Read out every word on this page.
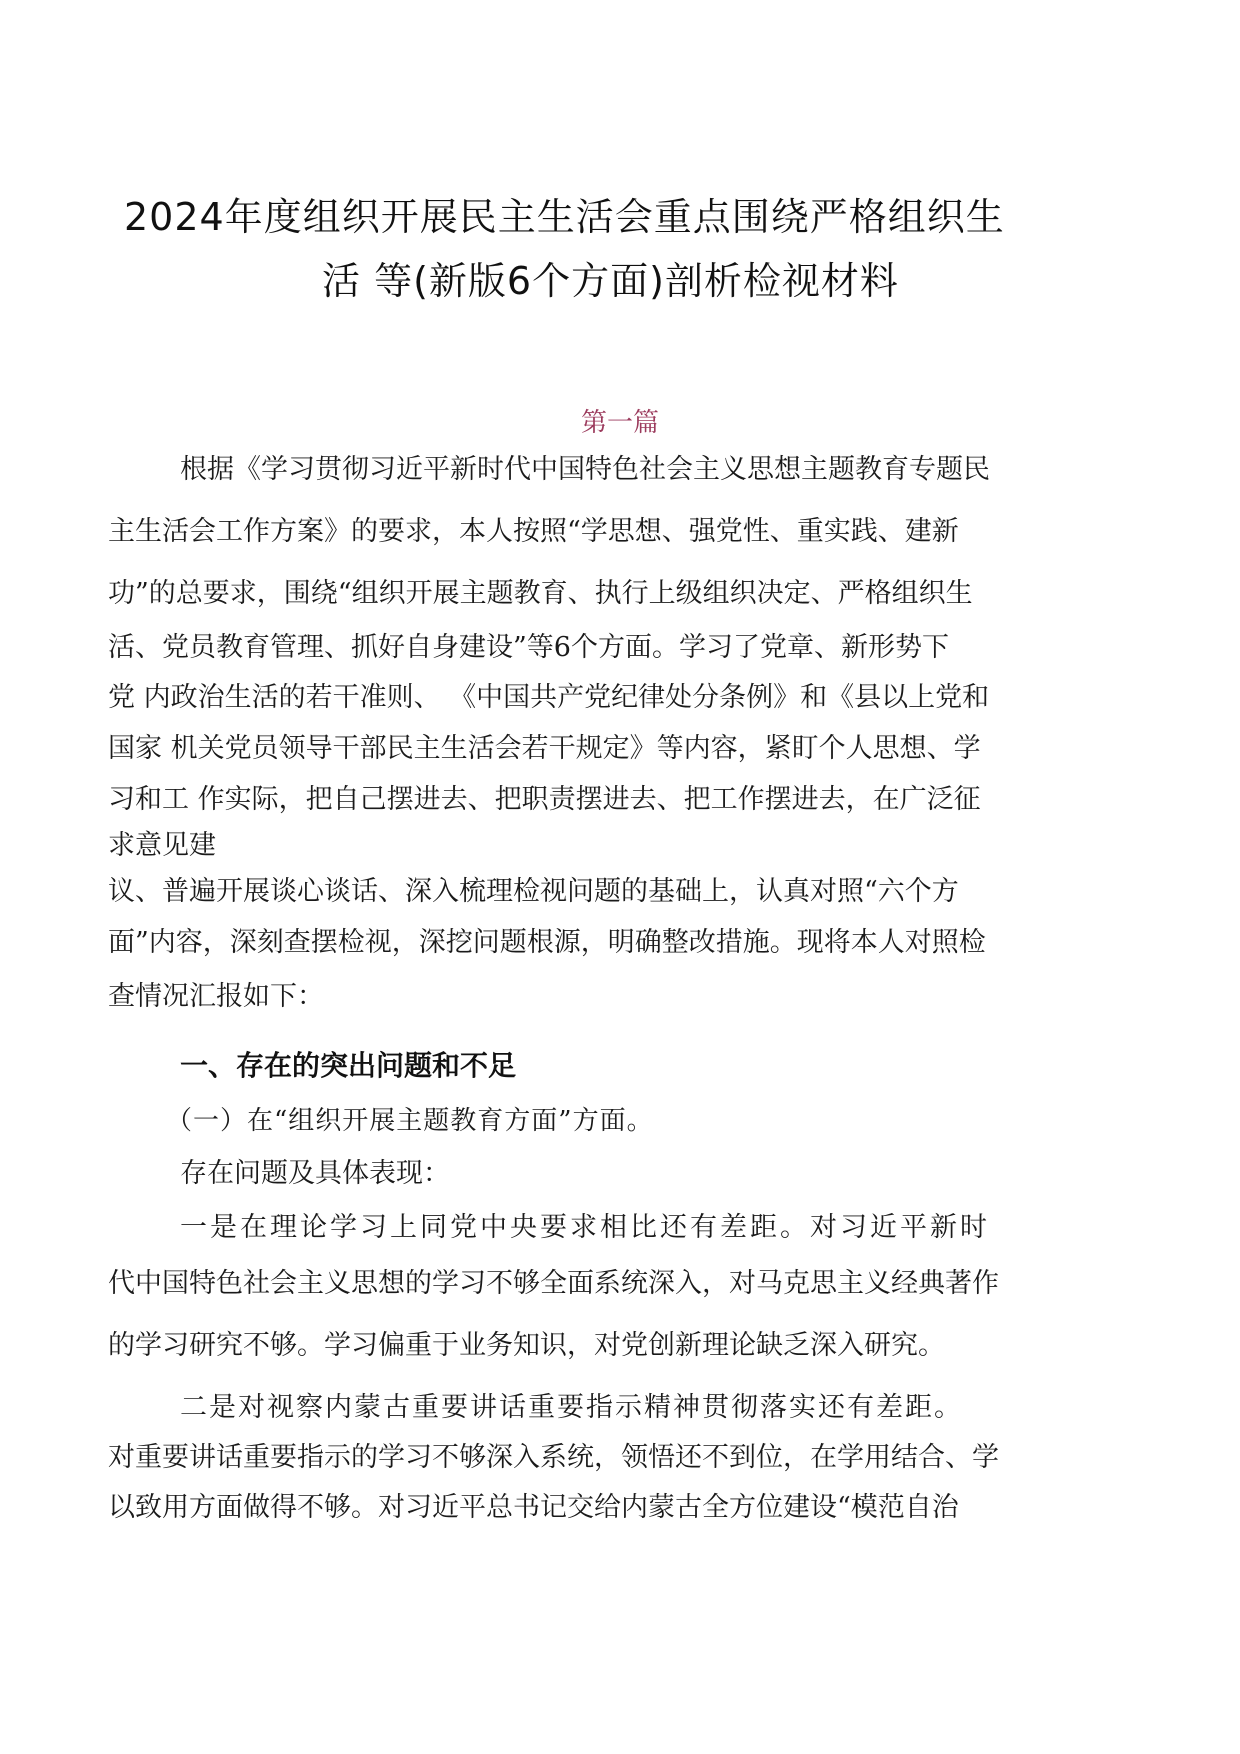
2024年度组织开展民主生活会重点围绕严格组织生
活 等(新版6个方面)剖析检视材料
第一篇
根据《学习贯彻习近平新时代中国特色社会主义思想主题教育专题民
主生活会工作方案》的要求，本人按照“学思想、强党性、重实践、建新
功”的总要求，围绕“组织开展主题教育、执行上级组织决定、严格组织生
活、党员教育管理、抓好自身建设”等6个方面。学习了党章、新形势下
党 内政治生活的若干准则、 《中国共产党纪律处分条例》和《县以上党和
国家 机关党员领导干部民主生活会若干规定》等内容，紧盯个人思想、学
习和工 作实际，把自己摆进去、把职责摆进去、把工作摆进去，在广泛征
求意见建
议、普遍开展谈心谈话、深入梳理检视问题的基础上，认真对照“六个方
面”内容，深刻查摆检视，深挖问题根源，明确整改措施。现将本人对照检
查情况汇报如下：
一、存在的突出问题和不足
（一）在“组织开展主题教育方面”方面。
存在问题及具体表现：
一是在理论学习上同党中央要求相比还有差距。对习近平新时
代中国特色社会主义思想的学习不够全面系统深入，对马克思主义经典著作
的学习研究不够。学习偏重于业务知识，对党创新理论缺乏深入研究。
二是对视察内蒙古重要讲话重要指示精神贯彻落实还有差距。
对重要讲话重要指示的学习不够深入系统，领悟还不到位，在学用结合、学
以致用方面做得不够。对习近平总书记交给内蒙古全方位建设“模范自治
